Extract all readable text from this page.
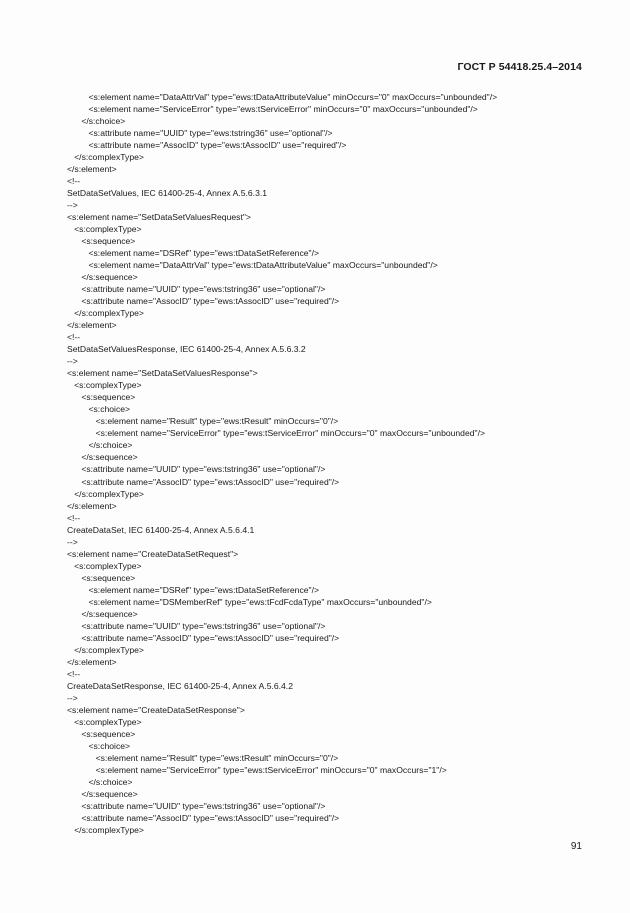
ГОСТ Р 54418.25.4–2014
<s:element name="DataAttrVal" type="ews:tDataAttributeValue" minOccurs="0" maxOccurs="unbounded"/>
<s:element name="ServiceError" type="ews:tServiceError" minOccurs="0" maxOccurs="unbounded"/>
</s:choice>
<s:attribute name="UUID" type="ews:tstring36" use="optional"/>
<s:attribute name="AssocID" type="ews:tAssocID" use="required"/>
</s:complexType>
</s:element>
<!--
SetDataSetValues, IEC 61400-25-4, Annex A.5.6.3.1
-->
<s:element name="SetDataSetValuesRequest">
<s:complexType>
<s:sequence>
<s:element name="DSRef" type="ews:tDataSetReference"/>
<s:element name="DataAttrVal" type="ews:tDataAttributeValue" maxOccurs="unbounded"/>
</s:sequence>
<s:attribute name="UUID" type="ews:tstring36" use="optional"/>
<s:attribute name="AssocID" type="ews:tAssocID" use="required"/>
</s:complexType>
</s:element>
<!--
SetDataSetValuesResponse, IEC 61400-25-4, Annex A.5.6.3.2
-->
<s:element name="SetDataSetValuesResponse">
<s:complexType>
<s:sequence>
<s:choice>
<s:element name="Result" type="ews:tResult" minOccurs="0"/>
<s:element name="ServiceError" type="ews:tServiceError" minOccurs="0" maxOccurs="unbounded"/>
</s:choice>
</s:sequence>
<s:attribute name="UUID" type="ews:tstring36" use="optional"/>
<s:attribute name="AssocID" type="ews:tAssocID" use="required"/>
</s:complexType>
</s:element>
<!--
CreateDataSet, IEC 61400-25-4, Annex A.5.6.4.1
-->
<s:element name="CreateDataSetRequest">
<s:complexType>
<s:sequence>
<s:element name="DSRef" type="ews:tDataSetReference"/>
<s:element name="DSMemberRef" type="ews:tFcdFcdaType" maxOccurs="unbounded"/>
</s:sequence>
<s:attribute name="UUID" type="ews:tstring36" use="optional"/>
<s:attribute name="AssocID" type="ews:tAssocID" use="required"/>
</s:complexType>
</s:element>
<!--
CreateDataSetResponse, IEC 61400-25-4, Annex A.5.6.4.2
-->
<s:element name="CreateDataSetResponse">
<s:complexType>
<s:sequence>
<s:choice>
<s:element name="Result" type="ews:tResult" minOccurs="0"/>
<s:element name="ServiceError" type="ews:tServiceError" minOccurs="0" maxOccurs="1"/>
</s:choice>
</s:sequence>
<s:attribute name="UUID" type="ews:tstring36" use="optional"/>
<s:attribute name="AssocID" type="ews:tAssocID" use="required"/>
</s:complexType>
91
